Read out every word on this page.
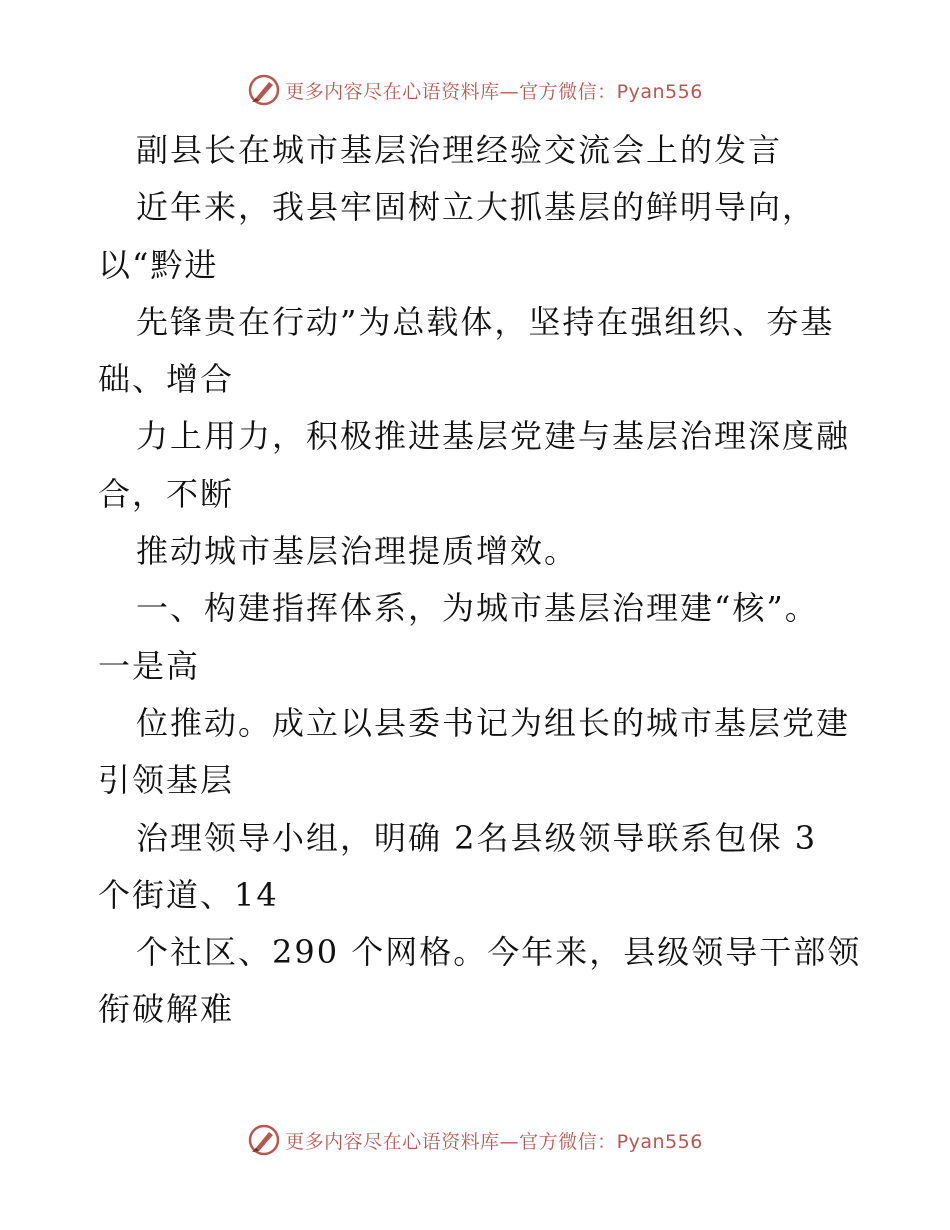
更多内容尽在心语资料库—官方微信：Pyan556
副县长在城市基层治理经验交流会上的发言
近年来，我县牢固树立大抓基层的鲜明导向，
以“黔进
先锋贵在行动”为总载体，坚持在强组织、夯基
础、增合
力上用力，积极推进基层党建与基层治理深度融
合，不断
推动城市基层治理提质增效。
一、构建指挥体系，为城市基层治理建“核”。
一是高
位推动。成立以县委书记为组长的城市基层党建
引领基层
治理领导小组，明确 2名县级领导联系包保 3
个街道、14
个社区、290 个网格。今年来，县级领导干部领
衔破解难
更多内容尽在心语资料库—官方微信：Pyan556
